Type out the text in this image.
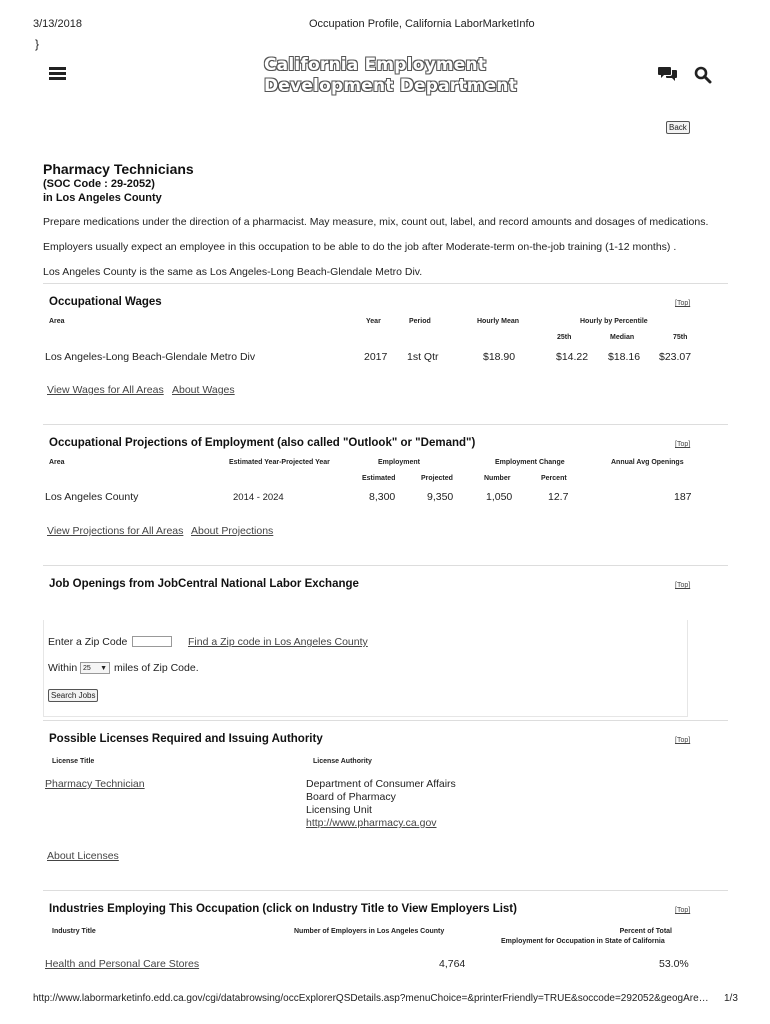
3/13/2018	Occupation Profile, California LaborMarketInfo
}
California Employment
Development Department
Back
Pharmacy Technicians
(SOC Code : 29-2052)
in Los Angeles County
Prepare medications under the direction of a pharmacist. May measure, mix, count out, label, and record amounts and dosages of medications.
Employers usually expect an employee in this occupation to be able to do the job after Moderate-term on-the-job training (1-12 months) .
Los Angeles County is the same as Los Angeles-Long Beach-Glendale Metro Div.
Occupational Wages	[Top]
Area	Year	Period	Hourly Mean	Hourly by Percentile
25th	Median	75th
Los Angeles-Long Beach-Glendale Metro Div	2017 1st Qtr	$18.90	$14.22 $18.16 $23.07
View Wages for All Areas About Wages
Occupational Projections of Employment (also called "Outlook" or "Demand")	[Top]
Area	Estimated Year-Projected Year	Employment	Employment Change	Annual Avg Openings
Estimated	Projected	Number	Percent
Los Angeles County	2014 - 2024	8,300	9,350	1,050	12.7	187
View Projections for All Areas About Projections
Job Openings from JobCentral National Labor Exchange	[Top]
Enter a Zip Code	Find a Zip code in Los Angeles County
Within 25 ▼ miles of Zip Code.
Search Jobs
Possible Licenses Required and Issuing Authority	[Top]
License Title	License Authority
Pharmacy Technician	Department of Consumer Affairs
Board of Pharmacy
Licensing Unit
http://www.pharmacy.ca.gov
About Licenses
Industries Employing This Occupation (click on Industry Title to View Employers List)	[Top]
Industry Title	Number of Employers in Los Angeles County	Percent of Total
Employment for Occupation in State of California
Health and Personal Care Stores	4,764	53.0%
http://www.labormarketinfo.edd.ca.gov/cgi/databrowsing/occExplorerQSDetails.asp?menuChoice=&printerFriendly=TRUE&soccode=292052&geogAre…	1/3
